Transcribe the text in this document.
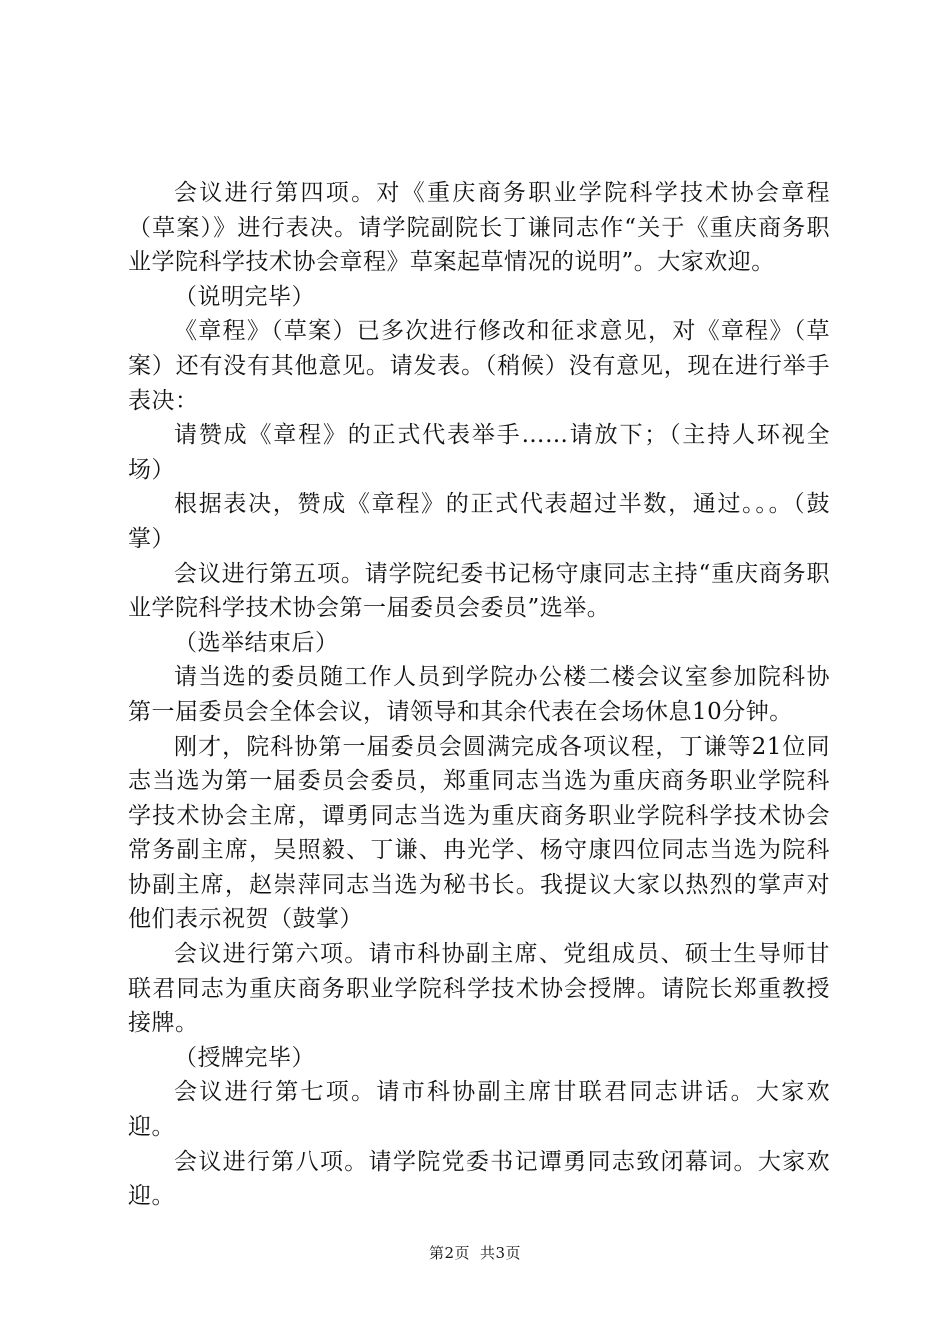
会议进行第四项。对《重庆商务职业学院科学技术协会章程（草案）》进行表决。请学院副院长丁谦同志作“关于《重庆商务职业学院科学技术协会章程》草案起草情况的说明”。大家欢迎。

（说明完毕）

《章程》（草案）已多次进行修改和征求意见，对《章程》（草案）还有没有其他意见。请发表。（稍候）没有意见，现在进行举手表决：

请赞成《章程》的正式代表举手……请放下；（主持人环视全场）

根据表决，赞成《章程》的正式代表超过半数，通过。。。（鼓掌）

会议进行第五项。请学院纪委书记杨守康同志主持“重庆商务职业学院科学技术协会第一届委员会委员”选举。

（选举结束后）

请当选的委员随工作人员到学院办公楼二楼会议室参加院科协第一届委员会全体会议，请领导和其余代表在会场休息10分钟。

刚才，院科协第一届委员会圆满完成各项议程，丁谦等21位同志当选为第一届委员会委员，郑重同志当选为重庆商务职业学院科学技术协会主席，谭勇同志当选为重庆商务职业学院科学技术协会常务副主席，吴照毅、丁谦、冉光学、杨守康四位同志当选为院科协副主席，赵崇萍同志当选为秘书长。我提议大家以热烈的掌声对他们表示祝贺（鼓掌）

会议进行第六项。请市科协副主席、党组成员、硕士生导师甘联君同志为重庆商务职业学院科学技术协会授牌。请院长郑重教授接牌。

（授牌完毕）

会议进行第七项。请市科协副主席甘联君同志讲话。大家欢迎。

会议进行第八项。请学院党委书记谭勇同志致闭幕词。大家欢迎。

第2页 共3页
